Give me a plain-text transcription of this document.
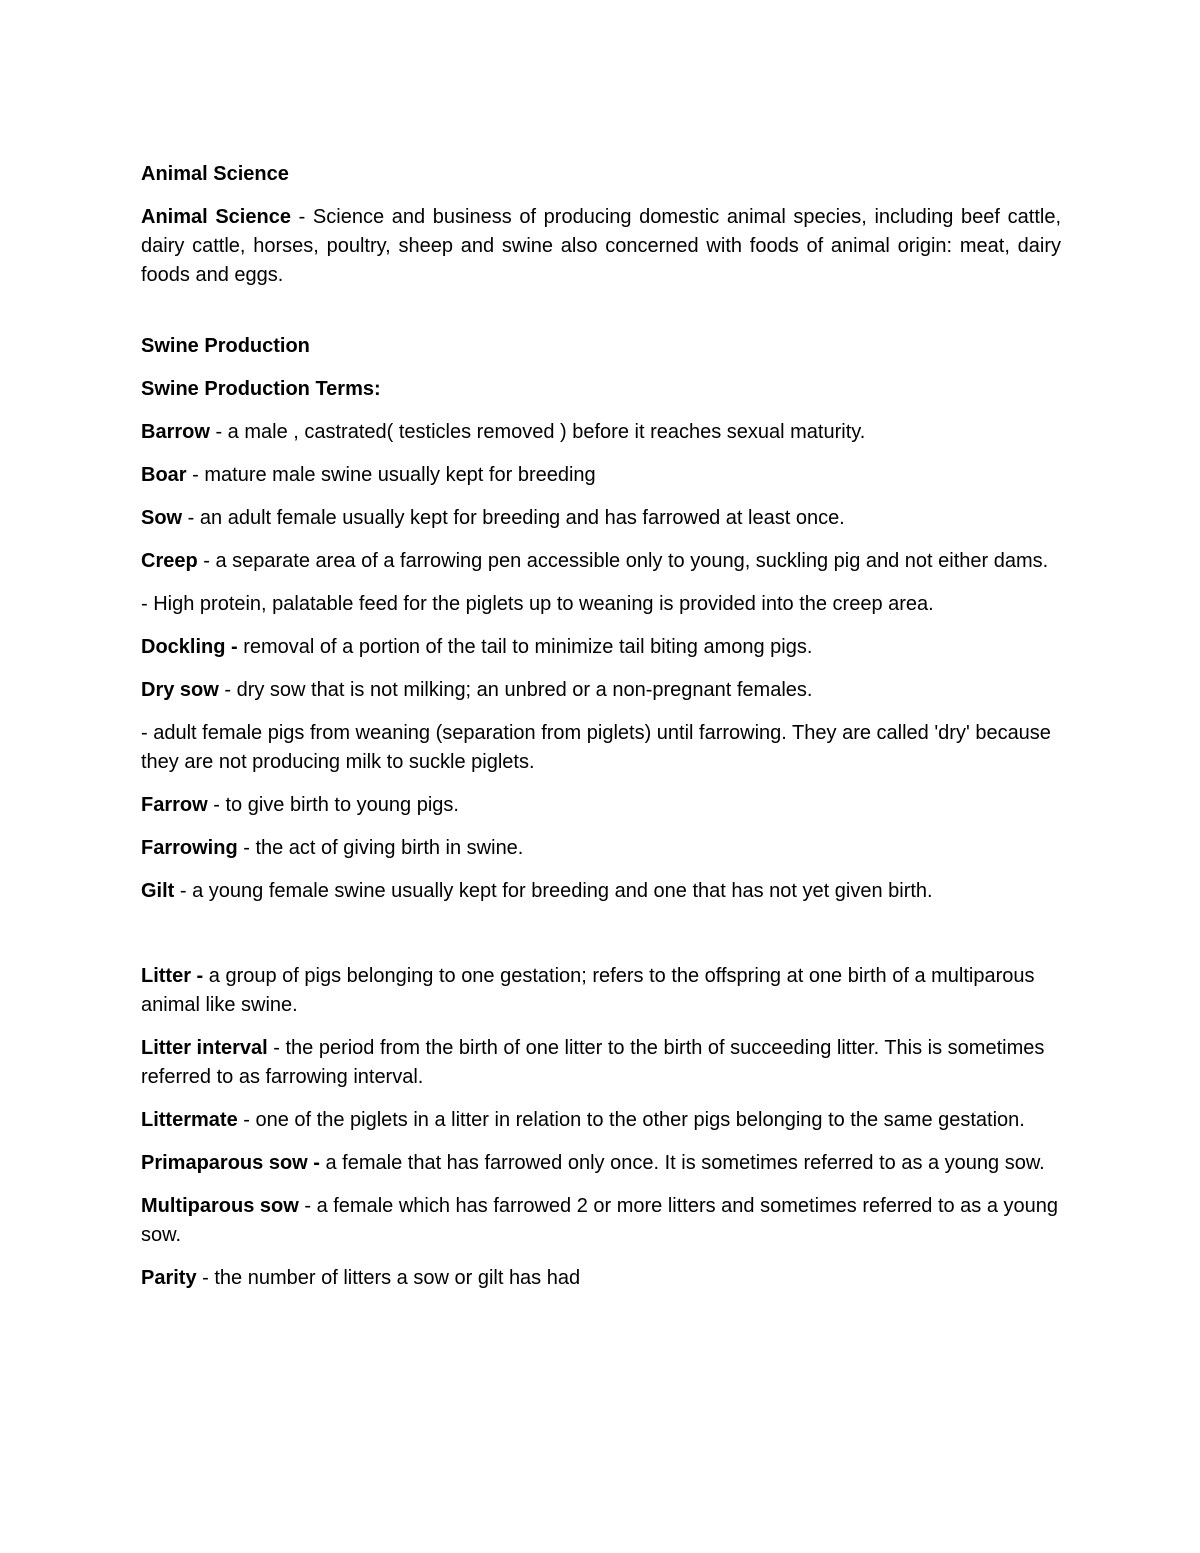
Animal Science

Animal Science - Science and business of producing domestic animal species, including beef cattle, dairy cattle, horses, poultry, sheep and swine also concerned with foods of animal origin: meat, dairy foods and eggs.

Swine Production

Swine Production Terms:

Barrow - a male , castrated( testicles removed ) before it reaches sexual maturity.

Boar - mature male swine usually kept for breeding

Sow - an adult female usually kept for breeding and has farrowed at least once.

Creep - a separate area of a farrowing pen accessible only to young, suckling pig and not either dams.

- High protein, palatable feed for the piglets up to weaning is provided into the creep area.

Dockling - removal of a portion of the tail to minimize tail biting among pigs.

Dry sow - dry sow that is not milking; an unbred or a non-pregnant females.

- adult female pigs from weaning (separation from piglets) until farrowing. They are called 'dry' because they are not producing milk to suckle piglets.

Farrow - to give birth to young pigs.

Farrowing - the act of giving birth in swine.

Gilt - a young female swine usually kept for breeding and one that has not yet given birth.

Litter - a group of pigs belonging to one gestation; refers to the offspring at one birth of a multiparous animal like swine.

Litter interval - the period from the birth of one litter to the birth of succeeding litter. This is sometimes referred to as farrowing interval.

Littermate - one of the piglets in a litter in relation to the other pigs belonging to the same gestation.

Primaparous sow - a female that has farrowed only once. It is sometimes referred to as a young sow.

Multiparous sow - a female which has farrowed 2 or more litters and sometimes referred to as a young sow.

Parity - the number of litters a sow or gilt has had
